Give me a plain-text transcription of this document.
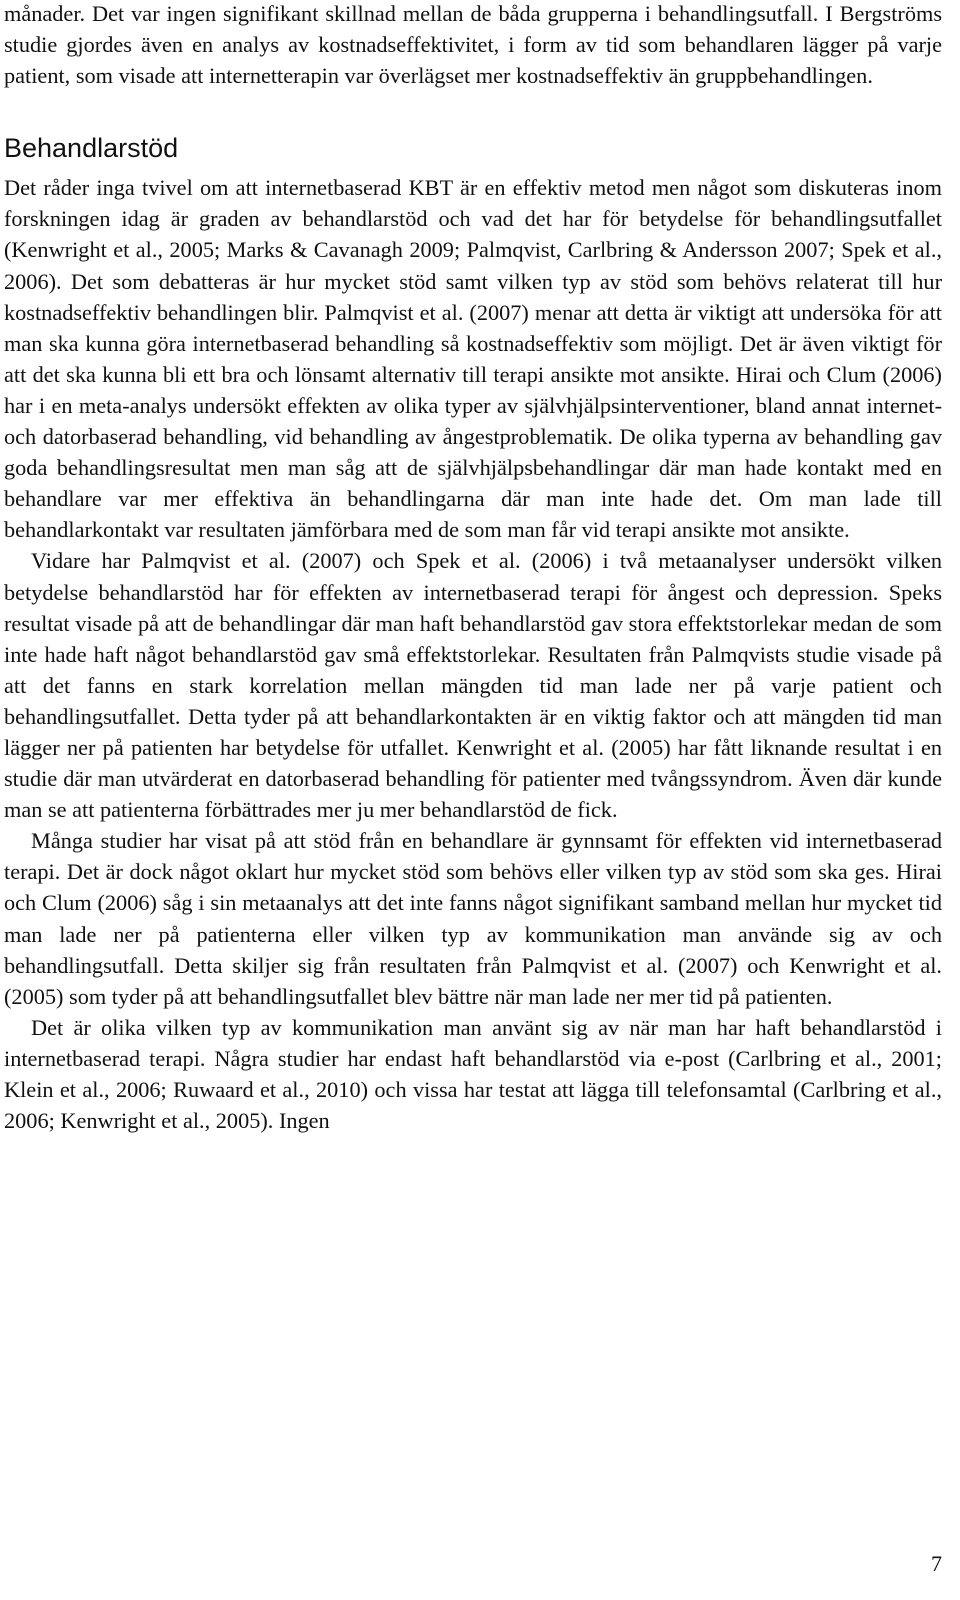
månader. Det var ingen signifikant skillnad mellan de båda grupperna i behandlingsutfall. I Bergströms studie gjordes även en analys av kostnadseffektivitet, i form av tid som behandlaren lägger på varje patient, som visade att internetterapin var överlägset mer kostnadseffektiv än gruppbehandlingen.

Behandlarstöd

Det råder inga tvivel om att internetbaserad KBT är en effektiv metod men något som diskuteras inom forskningen idag är graden av behandlarstöd och vad det har för betydelse för behandlingsutfallet (Kenwright et al., 2005; Marks & Cavanagh 2009; Palmqvist, Carlbring & Andersson 2007; Spek et al., 2006). Det som debatteras är hur mycket stöd samt vilken typ av stöd som behövs relaterat till hur kostnadseffektiv behandlingen blir. Palmqvist et al. (2007) menar att detta är viktigt att undersöka för att man ska kunna göra internetbaserad behandling så kostnadseffektiv som möjligt. Det är även viktigt för att det ska kunna bli ett bra och lönsamt alternativ till terapi ansikte mot ansikte. Hirai och Clum (2006) har i en meta-analys undersökt effekten av olika typer av självhjälpsinterventioner, bland annat internet- och datorbaserad behandling, vid behandling av ångestproblematik. De olika typerna av behandling gav goda behandlingsresultat men man såg att de självhjälpsbehandlingar där man hade kontakt med en behandlare var mer effektiva än behandlingarna där man inte hade det. Om man lade till behandlarkontakt var resultaten jämförbara med de som man får vid terapi ansikte mot ansikte.

Vidare har Palmqvist et al. (2007) och Spek et al. (2006) i två metaanalyser undersökt vilken betydelse behandlarstöd har för effekten av internetbaserad terapi för ångest och depression. Speks resultat visade på att de behandlingar där man haft behandlarstöd gav stora effektstorlekar medan de som inte hade haft något behandlarstöd gav små effektstorlekar. Resultaten från Palmqvists studie visade på att det fanns en stark korrelation mellan mängden tid man lade ner på varje patient och behandlingsutfallet. Detta tyder på att behandlarkontakten är en viktig faktor och att mängden tid man lägger ner på patienten har betydelse för utfallet. Kenwright et al. (2005) har fått liknande resultat i en studie där man utvärderat en datorbaserad behandling för patienter med tvångssyndrom. Även där kunde man se att patienterna förbättrades mer ju mer behandlarstöd de fick.

Många studier har visat på att stöd från en behandlare är gynnsamt för effekten vid internetbaserad terapi. Det är dock något oklart hur mycket stöd som behövs eller vilken typ av stöd som ska ges. Hirai och Clum (2006) såg i sin metaanalys att det inte fanns något signifikant samband mellan hur mycket tid man lade ner på patienterna eller vilken typ av kommunikation man använde sig av och behandlingsutfall. Detta skiljer sig från resultaten från Palmqvist et al. (2007) och Kenwright et al. (2005) som tyder på att behandlingsutfallet blev bättre när man lade ner mer tid på patienten.

Det är olika vilken typ av kommunikation man använt sig av när man har haft behandlarstöd i internetbaserad terapi. Några studier har endast haft behandlarstöd via e-post (Carlbring et al., 2001; Klein et al., 2006; Ruwaard et al., 2010) och vissa har testat att lägga till telefonsamtal (Carlbring et al., 2006; Kenwright et al., 2005). Ingen

7
